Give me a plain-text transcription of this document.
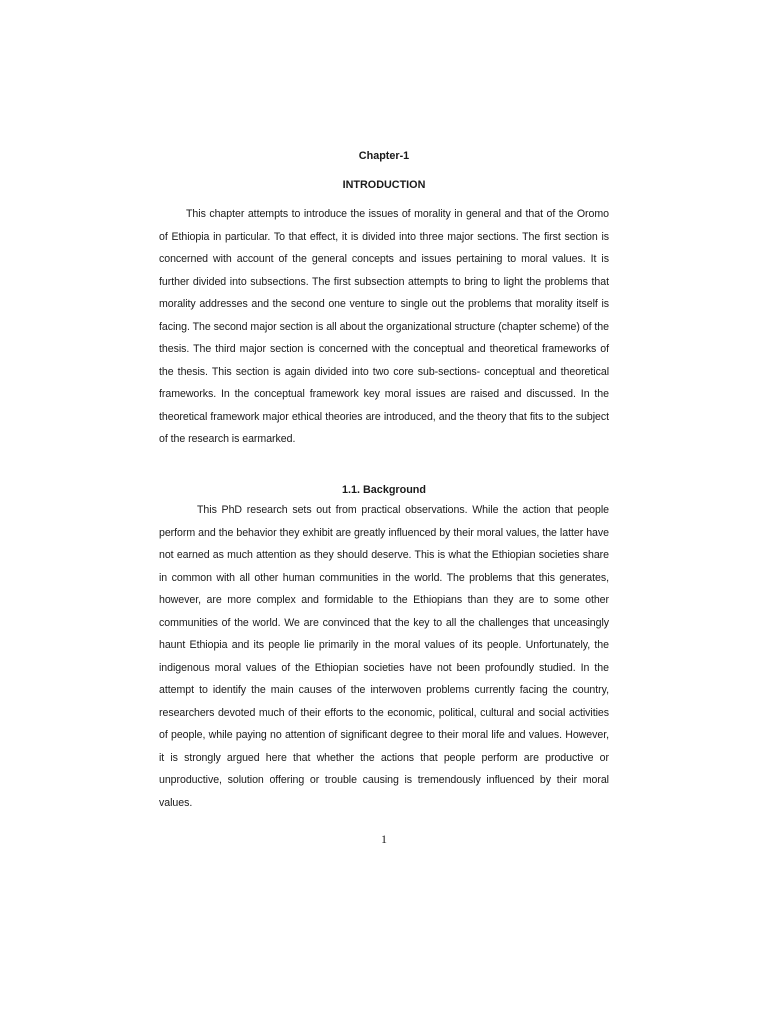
Chapter-1
INTRODUCTION

This chapter attempts to introduce the issues of morality in general and that of the Oromo of Ethiopia in particular. To that effect, it is divided into three major sections. The first section is concerned with account of the general concepts and issues pertaining to moral values. It is further divided into subsections. The first subsection attempts to bring to light the problems that morality addresses and the second one venture to single out the problems that morality itself is facing. The second major section is all about the organizational structure (chapter scheme) of the thesis. The third major section is concerned with the conceptual and theoretical frameworks of the thesis. This section is again divided into two core sub-sections- conceptual and theoretical frameworks. In the conceptual framework key moral issues are raised and discussed. In the theoretical framework major ethical theories are introduced, and the theory that fits to the subject of the research is earmarked.

1.1. Background

This PhD research sets out from practical observations. While the action that people perform and the behavior they exhibit are greatly influenced by their moral values, the latter have not earned as much attention as they should deserve. This is what the Ethiopian societies share in common with all other human communities in the world. The problems that this generates, however, are more complex and formidable to the Ethiopians than they are to some other communities of the world. We are convinced that the key to all the challenges that unceasingly haunt Ethiopia and its people lie primarily in the moral values of its people. Unfortunately, the indigenous moral values of the Ethiopian societies have not been profoundly studied. In the attempt to identify the main causes of the interwoven problems currently facing the country, researchers devoted much of their efforts to the economic, political, cultural and social activities of people, while paying no attention of significant degree to their moral life and values. However, it is strongly argued here that whether the actions that people perform are productive or unproductive, solution offering or trouble causing is tremendously influenced by their moral values.

1
